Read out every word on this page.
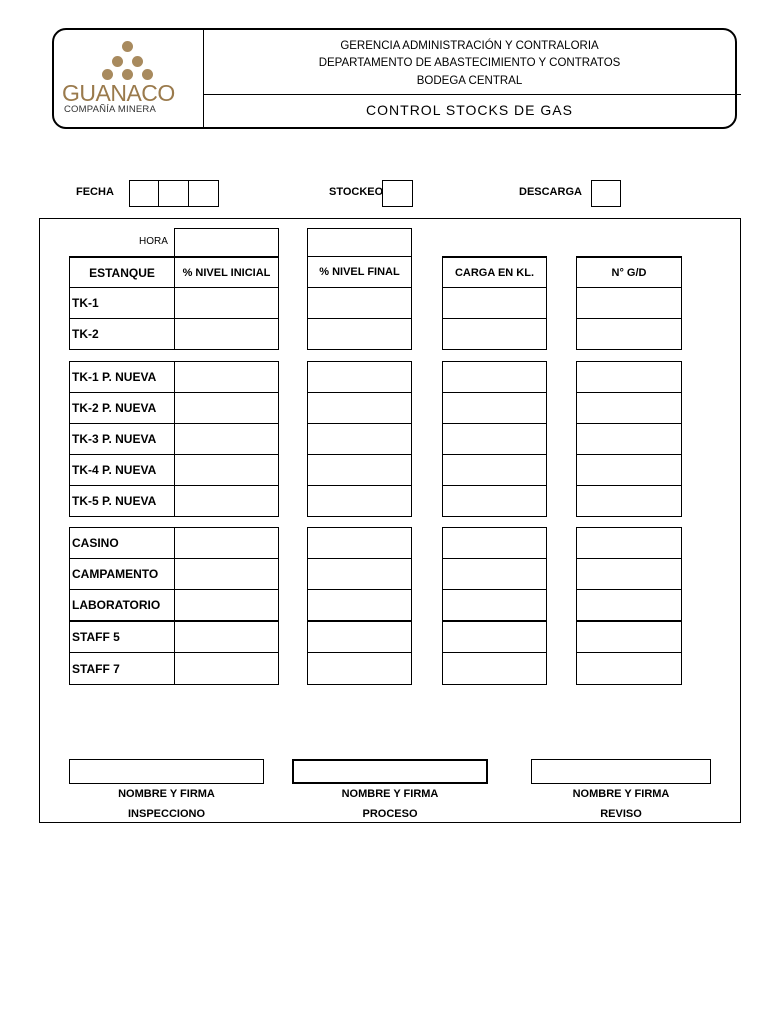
GUANACO
COMPAÑÍA MINERA
GERENCIA ADMINISTRACIÓN Y CONTRALORIA
DEPARTAMENTO DE ABASTECIMIENTO Y CONTRATOS
BODEGA CENTRAL
CONTROL STOCKS DE GAS
FECHA	STOCKEO	DESCARGA
HORA
ESTANQUE	% NIVEL INICIAL	% NIVEL FINAL	CARGA EN KL.	N° G/D
TK-1
TK-2
TK-1 P. NUEVA
TK-2 P. NUEVA
TK-3 P. NUEVA
TK-4 P. NUEVA
TK-5 P. NUEVA
CASINO
CAMPAMENTO
LABORATORIO
STAFF 5
STAFF 7
NOMBRE Y FIRMA
INSPECCIONO
NOMBRE Y FIRMA
PROCESO
NOMBRE Y FIRMA
REVISO
